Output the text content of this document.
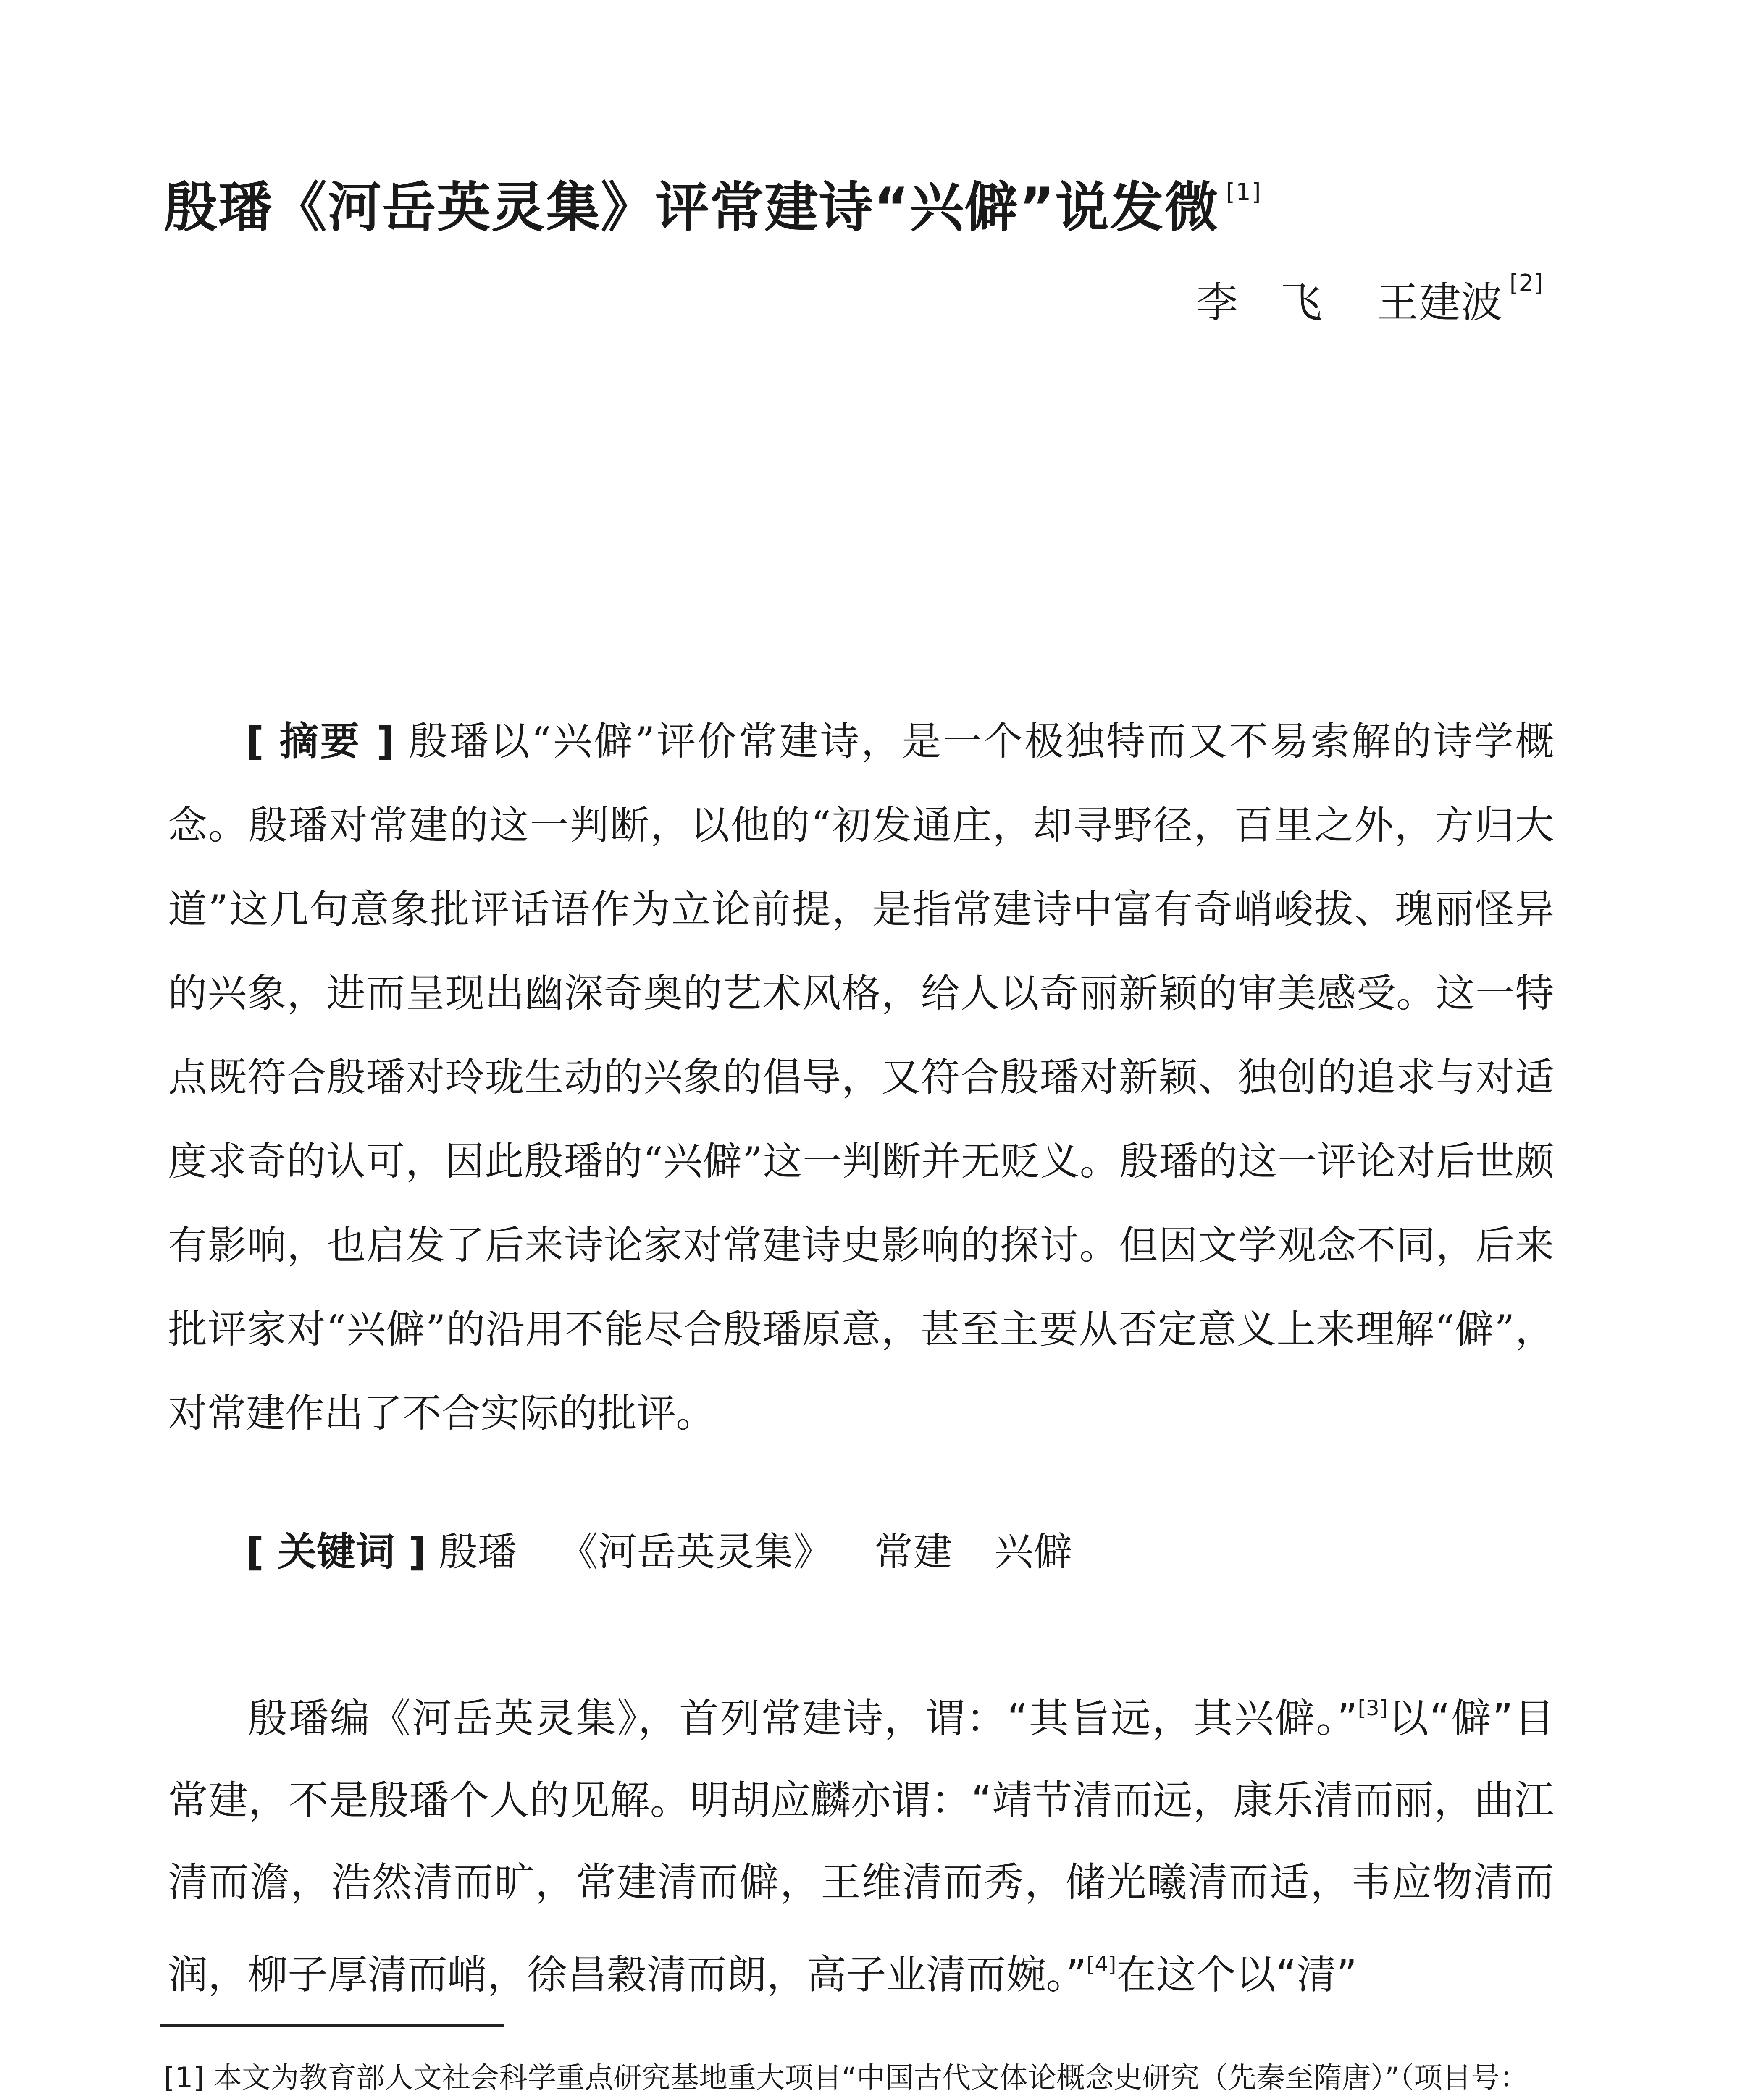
殷璠《河岳英灵集》评常建诗“兴僻”说发微 [1]
李　飞 王建波 [2]

[ 摘要 ] 殷璠以“兴僻”评价常建诗，是一个极独特而又不易索解的诗学概念。殷璠对常建的这一判断，以他的“初发通庄，却寻野径，百里之外，方归大道”这几句意象批评话语作为立论前提，是指常建诗中富有奇峭峻拔、瑰丽怪异的兴象，进而呈现出幽深奇奥的艺术风格，给人以奇丽新颖的审美感受。这一特点既符合殷璠对玲珑生动的兴象的倡导，又符合殷璠对新颖、独创的追求与对适度求奇的认可，因此殷璠的“兴僻”这一判断并无贬义。殷璠的这一评论对后世颇有影响，也启发了后来诗论家对常建诗史影响的探讨。但因文学观念不同，后来批评家对“兴僻”的沿用不能尽合殷璠原意，甚至主要从否定意义上来理解“僻”，对常建作出了不合实际的批评。

[ 关键词 ] 殷璠 《河岳英灵集》 常建 兴僻

殷璠编《河岳英灵集》，首列常建诗，谓：“其旨远，其兴僻。”[3]以“僻”目常建，不是殷璠个人的见解。明胡应麟亦谓：“靖节清而远，康乐清而丽，曲江清而澹，浩然清而旷，常建清而僻，王维清而秀，储光曦清而适，韦应物清而润，柳子厚清而峭，徐昌穀清而朗，高子业清而婉。”[4]在这个以“清”

[1] 本文为教育部人文社会科学重点研究基地重大项目“中国古代文体论概念史研究（先秦至隋唐）”（项目号：
